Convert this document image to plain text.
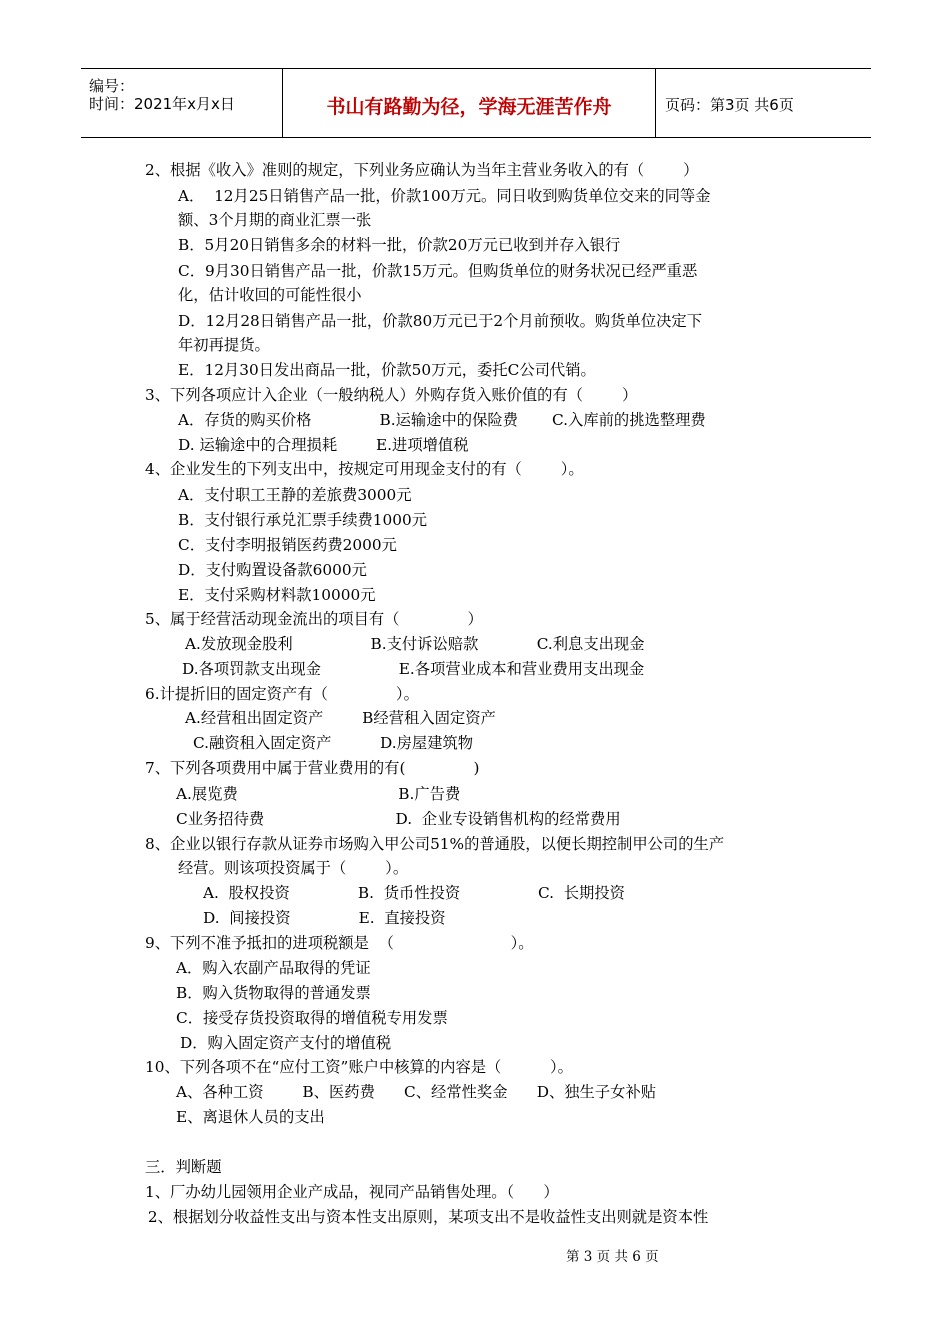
编号：
时间：2021年x月x日	书山有路勤为径，学海无涯苦作舟	页码：第3页 共6页
2、根据《收入》准则的规定，下列业务应确认为当年主营业务收入的有（        ）
A．  12月25日销售产品一批，价款100万元。同日收到购货单位交来的同等金
额、3个月期的商业汇票一张
B．5月20日销售多余的材料一批，价款20万元已收到并存入银行
C．9月30日销售产品一批，价款15万元。但购货单位的财务状况已经严重恶
化，估计收回的可能性很小
D．12月28日销售产品一批，价款80万元已于2个月前预收。购货单位决定下
年初再提货。
E．12月30日发出商品一批，价款50万元，委托C公司代销。
3、下列各项应计入企业（一般纳税人）外购存货入账价值的有（        ）
A．存货的购买价格              B.运输途中的保险费       C.入库前的挑选整理费
D. 运输途中的合理损耗        E.进项增值税
4、企业发生的下列支出中，按规定可用现金支付的有（        ）。
A．支付职工王静的差旅费3000元
B．支付银行承兑汇票手续费1000元
C．支付李明报销医药费2000元
D．支付购置设备款6000元
E．支付采购材料款10000元
5、属于经营活动现金流出的项目有（              ）
A.发放现金股利                B.支付诉讼赔款            C.利息支出现金
D.各项罚款支出现金                E.各项营业成本和营业费用支出现金
6.计提折旧的固定资产有（              ）。
A.经营租出固定资产        B经营租入固定资产
C.融资租入固定资产          D.房屋建筑物
7、下列各项费用中属于营业费用的有(              )
A.展览费                                 B.广告费
C业务招待费                           D.  企业专设销售机构的经常费用
8、企业以银行存款从证券市场购入甲公司51%的普通股，以便长期控制甲公司的生产
经营。则该项投资属于（        ）。
A.  股权投资              B.  货币性投资                C.  长期投资
D.  间接投资              E.  直接投资
9、下列不准予抵扣的进项税额是  （                        ）。
A．购入农副产品取得的凭证
B．购入货物取得的普通发票
C．接受存货投资取得的增值税专用发票
D．购入固定资产支付的增值税
10、下列各项不在“应付工资”账户中核算的内容是（          ）。
A、各种工资        B、医药费      C、经常性奖金      D、独生子女补贴
E、离退休人员的支出
三．判断题
1、厂办幼儿园领用企业产成品，视同产品销售处理。（      ）
2、根据划分收益性支出与资本性支出原则，某项支出不是收益性支出则就是资本性
第 3 页 共 6 页
